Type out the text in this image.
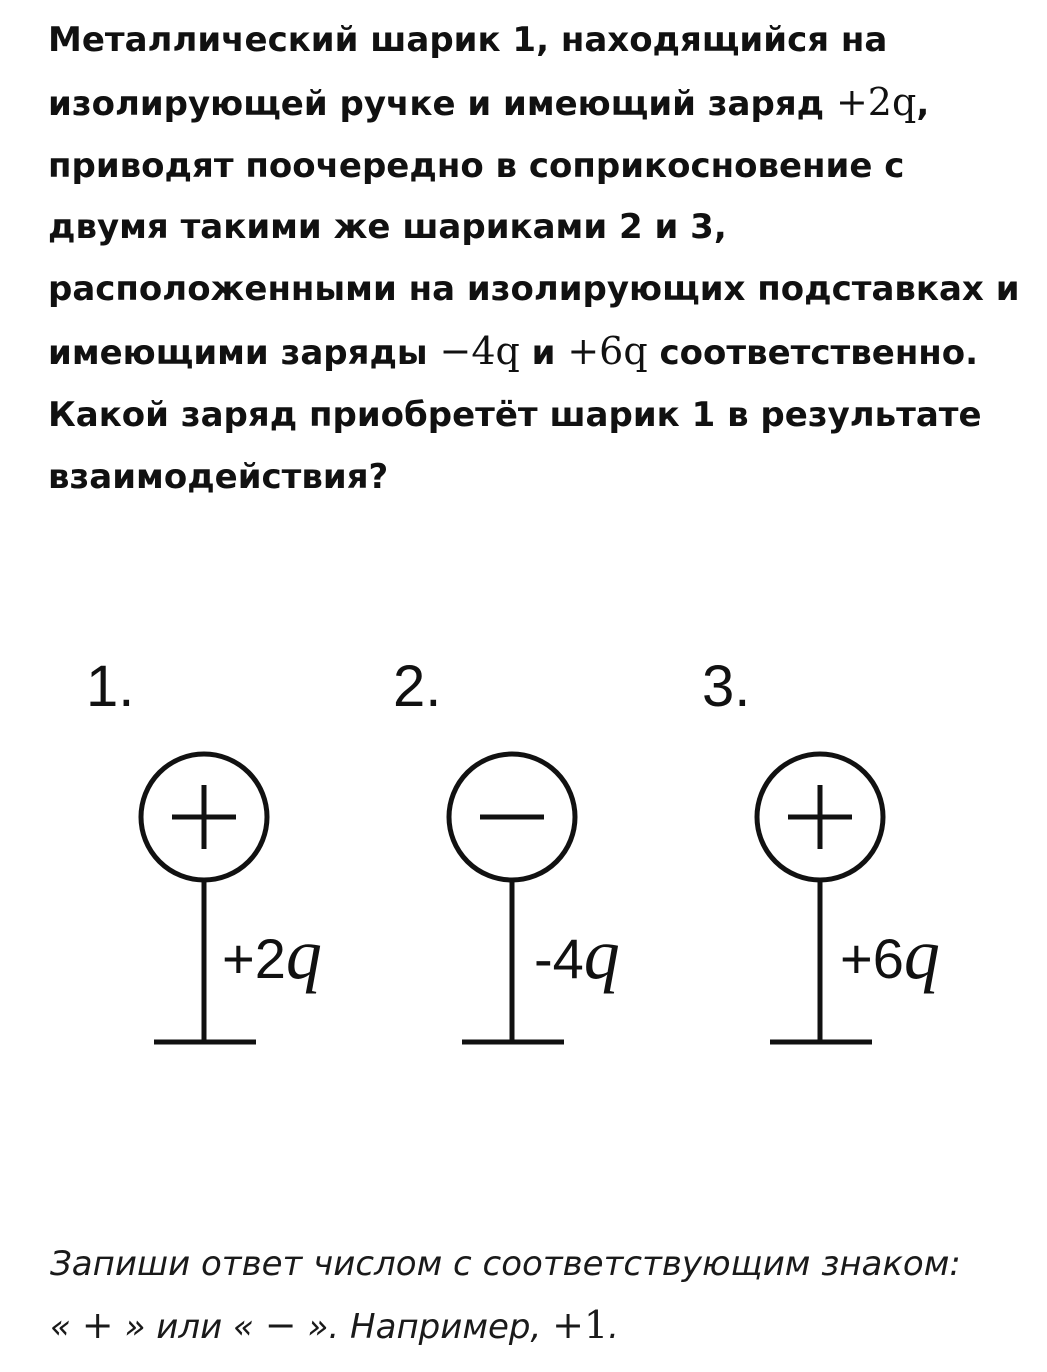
Металлический шарик 1, находящийся на изолирующей ручке и имеющий заряд +2q, приводят поочередно в соприкосновение с двумя такими же шариками 2 и 3, расположенными на изолирующих подставках и имеющими заряды −4q и +6q соответственно. Какой заряд приобретёт шарик 1 в результате взаимодействия?

1.
+2q
2.
-4q
3.
+6q

Запиши ответ числом с соответствующим знаком:
« + » или « − ». Например, +1.
